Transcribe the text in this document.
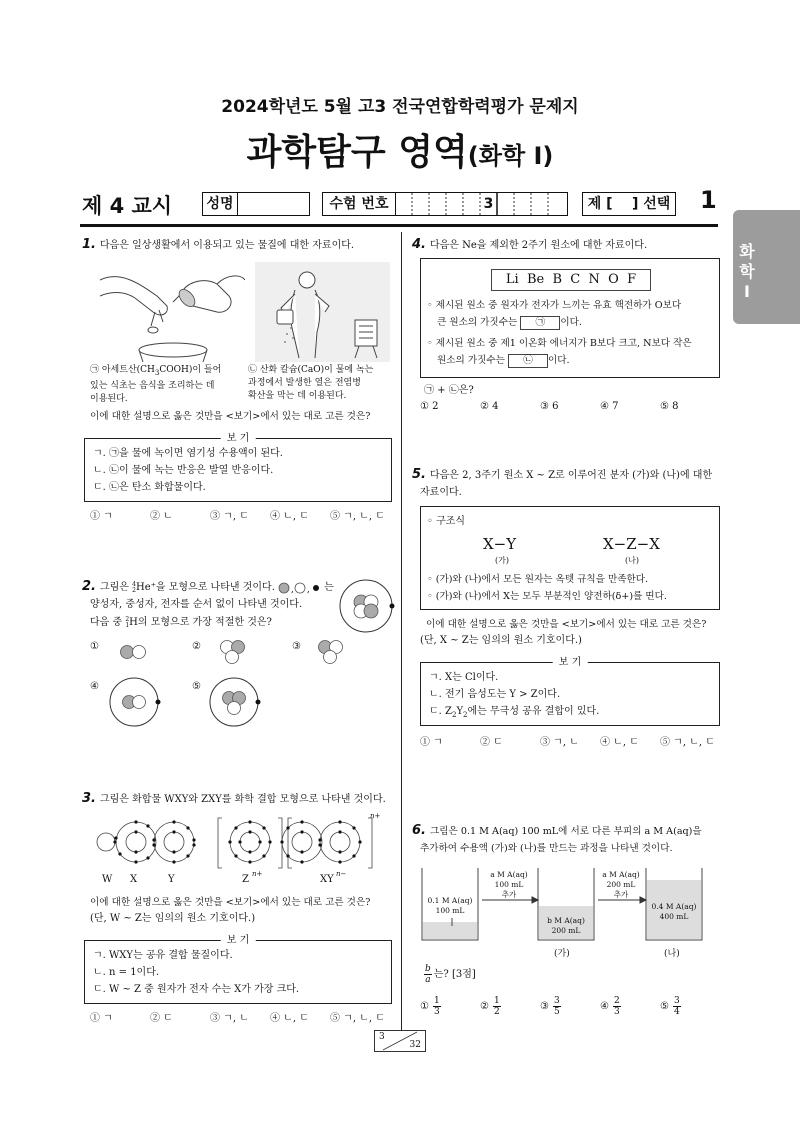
2024학년도 5월 고3 전국연합학력평가 문제지
과학탐구 영역(화학 Ⅰ)
제 4 교시 성명	수험 번호	3	제 [    ] 선택 1
화
학
Ⅰ
1. 다음은 일상생활에서 이용되고 있는 물질에 대한 자료이다.
㉠ 아세트산$(CH_3COOH)$이 들어
있는 식초는 음식을 조리하는 데
이용된다.
㉡ 산화 칼슘(CaO)이 물에 녹는
과정에서 발생한 열은 전염병
확산을 막는 데 이용된다.
이에 대한 설명으로 옳은 것만을 <보기>에서 있는 대로 고른 것은?
보 기
ㄱ. ㉠을 물에 녹이면 염기성 수용액이 된다.
ㄴ. ㉡이 물에 녹는 반응은 발열 반응이다.
ㄷ. ㉡은 탄소 화합물이다.
① ㄱ	② ㄴ	③ ㄱ, ㄷ ④ ㄴ, ㄷ ⑤ ㄱ, ㄴ, ㄷ
2. 그림은 4
2 He⁺을 모형으로 나타낸 것이다. , , 는
양성자, 중성자, 전자를 순서 없이 나타낸 것이다.
다음 중 2
1 H의 모형으로 가장 적절한 것은?
①	②	③
④	⑤
3. 그림은 화합물 WXY와 ZXY를 화학 결합 모형으로 나타낸 것이다.
W X	Y	Z n+	XY n−
n+
이에 대한 설명으로 옳은 것만을 <보기>에서 있는 대로 고른 것은?
(단, W ~ Z는 임의의 원소 기호이다.)
보 기
ㄱ. WXY는 공유 결합 물질이다.
ㄴ. n = 1이다.
ㄷ. W ~ Z 중 원자가 전자 수는 X가 가장 크다.
① ㄱ	② ㄷ	③ ㄱ, ㄴ ④ ㄴ, ㄷ ⑤ ㄱ, ㄴ, ㄷ
4. 다음은 Ne을 제외한 2주기 원소에 대한 자료이다.
Li  Be  B  C  N  O  F
◦ 제시된 원소 중 원자가 전자가 느끼는 유효 핵전하가 O보다
큰 원소의 가짓수는 ㉠ 이다.
◦ 제시된 원소 중 제1 이온화 에너지가 B보다 크고, N보다 작은
원소의 가짓수는 ㉡ 이다.
㉠ + ㉡은?
① 2	② 4	③ 6	④ 7	⑤ 8
5. 다음은 2, 3주기 원소 X ~ Z로 이루어진 분자 (가)와 (나)에 대한
자료이다.
◦ 구조식
X−Y	X−Z−X
(가)	(나)
◦ (가)와 (나)에서 모든 원자는 옥텟 규칙을 만족한다.
◦ (가)와 (나)에서 X는 모두 부분적인 양전하(δ+)를 띤다.
이에 대한 설명으로 옳은 것만을 <보기>에서 있는 대로 고른 것은?
(단, X ~ Z는 임의의 원소 기호이다.)
보 기
ㄱ. X는 Cl이다.
ㄴ. 전기 음성도는 Y > Z이다.
ㄷ. $Z_2Y_2$에는 무극성 공유 결합이 있다.
① ㄱ	② ㄷ	③ ㄱ, ㄴ ④ ㄴ, ㄷ ⑤ ㄱ, ㄴ, ㄷ
6. 그림은 0.1 M A(aq) 100 mL에 서로 다른 부피의 a M A(aq)을
추가하여 수용액 (가)와 (나)를 만드는 과정을 나타낸 것이다.
0.1 M A(aq)
100 mL
a M A(aq)
100 mL
추가
b M A(aq)
200 mL
a M A(aq)
200 mL
추가
0.4 M A(aq)
400 mL
(가)	(나)
$\frac{b}{a}$ 는? [3점]
① $\frac{1}{3}$	② $\frac{1}{2}$	③ $\frac{3}{5}$	④ $\frac{2}{3}$	⑤ $\frac{3}{4}$
3
32
